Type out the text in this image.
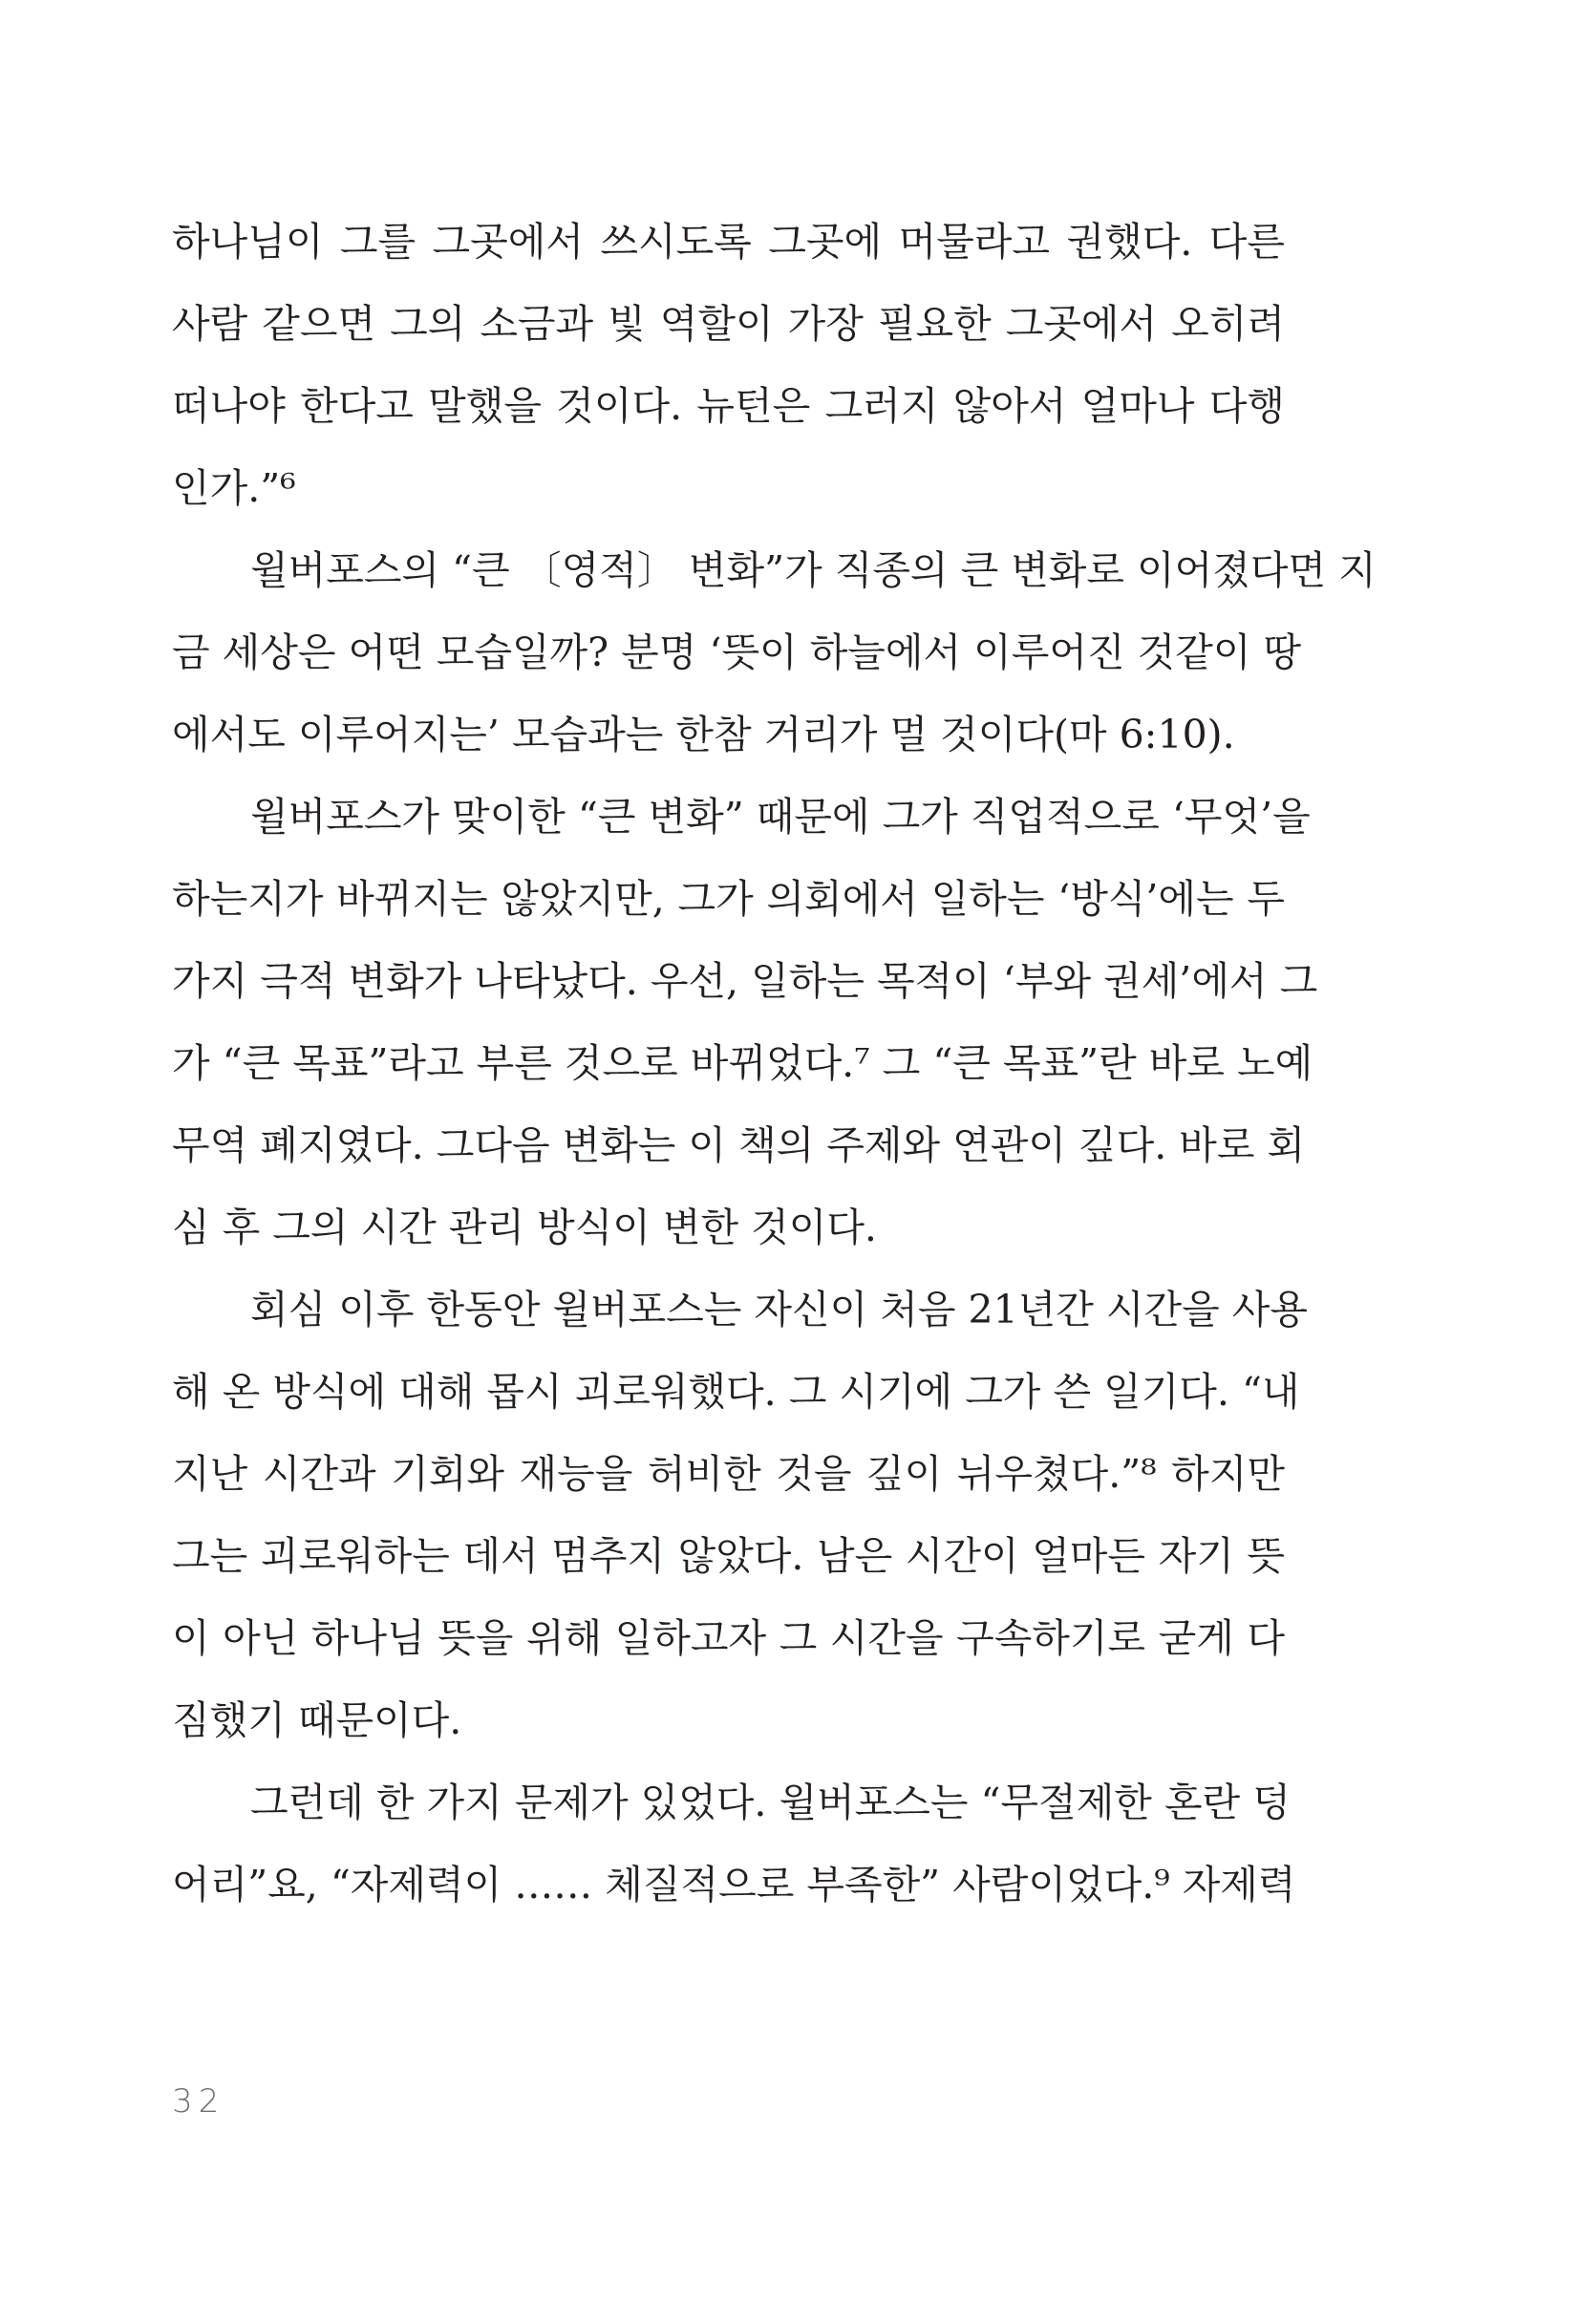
하나님이 그를 그곳에서 쓰시도록 그곳에 머물라고 권했다. 다른
사람 같으면 그의 소금과 빛 역할이 가장 필요한 그곳에서 오히려
떠나야 한다고 말했을 것이다. 뉴턴은 그러지 않아서 얼마나 다행
인가.”⁶
윌버포스의 “큰 〔영적〕 변화”가 직종의 큰 변화로 이어졌다면 지
금 세상은 어떤 모습일까? 분명 ‘뜻이 하늘에서 이루어진 것같이 땅
에서도 이루어지는’ 모습과는 한참 거리가 멀 것이다(마 6:10).
윌버포스가 맞이한 “큰 변화” 때문에 그가 직업적으로 ‘무엇’을
하는지가 바뀌지는 않았지만, 그가 의회에서 일하는 ‘방식’에는 두
가지 극적 변화가 나타났다. 우선, 일하는 목적이 ‘부와 권세’에서 그
가 “큰 목표”라고 부른 것으로 바뀌었다.⁷ 그 “큰 목표”란 바로 노예
무역 폐지였다. 그다음 변화는 이 책의 주제와 연관이 깊다. 바로 회
심 후 그의 시간 관리 방식이 변한 것이다.
회심 이후 한동안 윌버포스는 자신이 처음 21년간 시간을 사용
해 온 방식에 대해 몹시 괴로워했다. 그 시기에 그가 쓴 일기다. “내
지난 시간과 기회와 재능을 허비한 것을 깊이 뉘우쳤다.”⁸ 하지만
그는 괴로워하는 데서 멈추지 않았다. 남은 시간이 얼마든 자기 뜻
이 아닌 하나님 뜻을 위해 일하고자 그 시간을 구속하기로 굳게 다
짐했기 때문이다.
그런데 한 가지 문제가 있었다. 윌버포스는 “무절제한 혼란 덩
어리”요, “자제력이 …… 체질적으로 부족한” 사람이었다.⁹ 자제력
32
